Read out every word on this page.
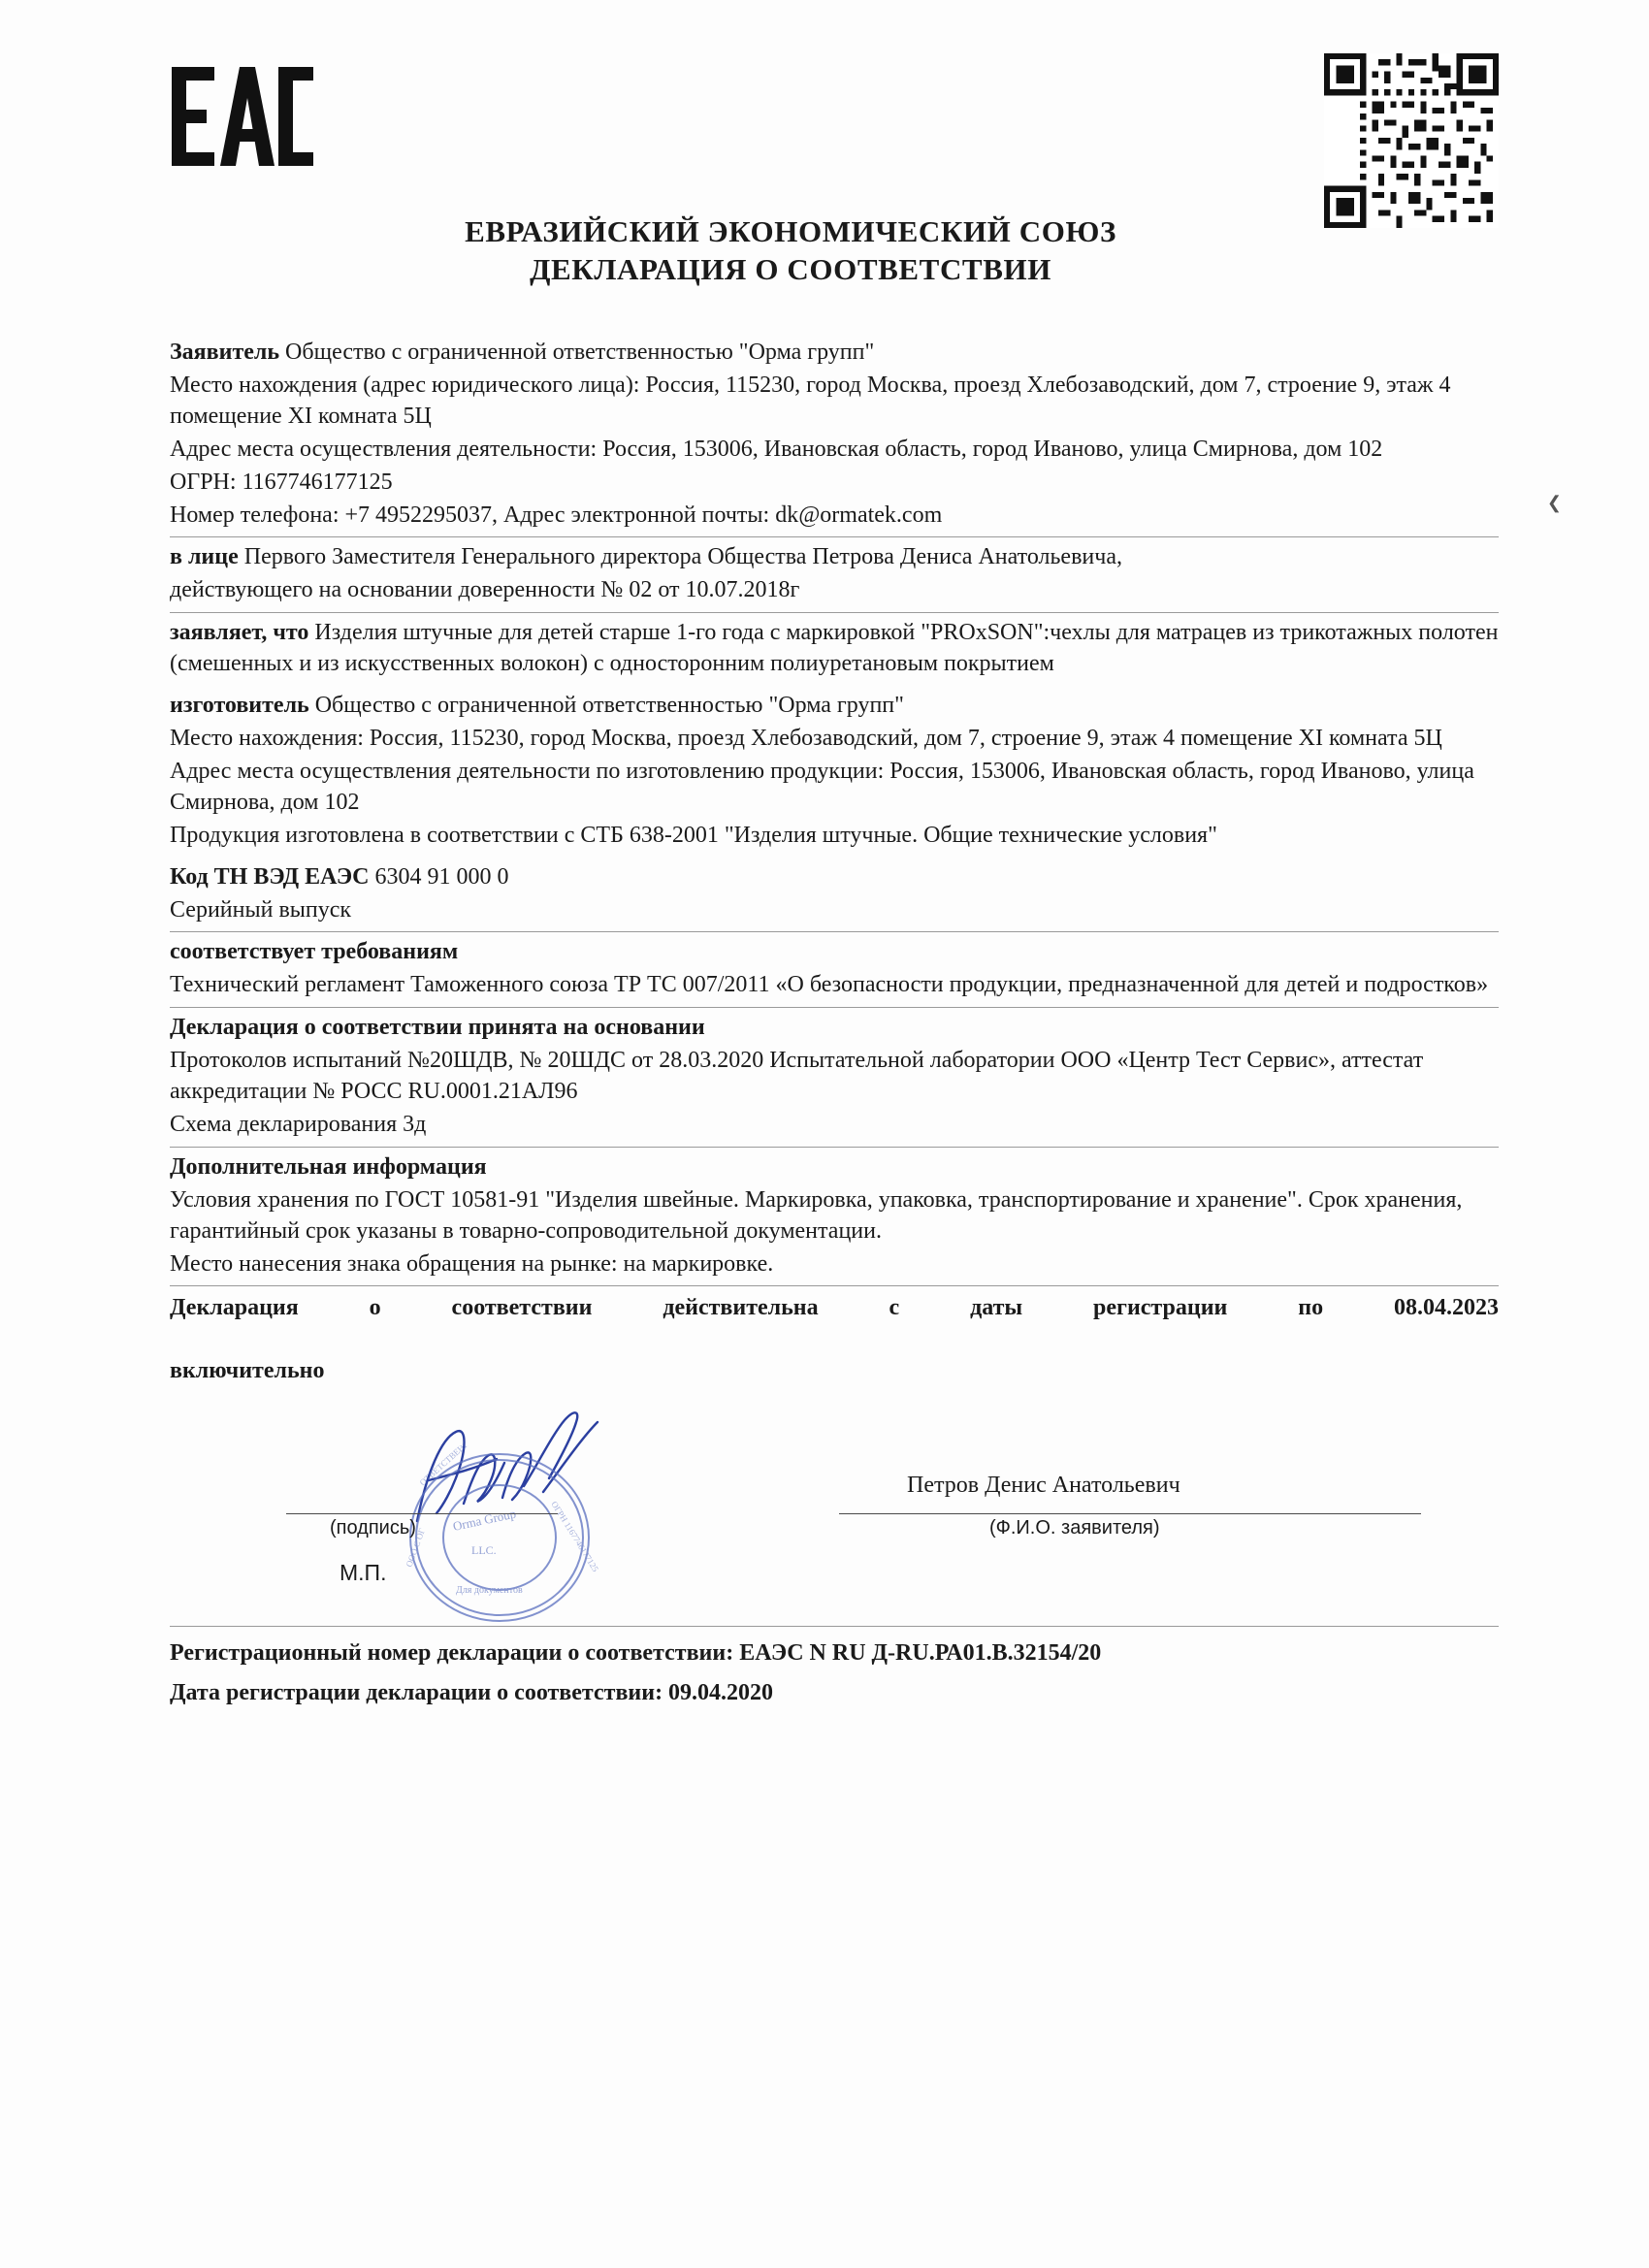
ЕВРАЗИЙСКИЙ ЭКОНОМИЧЕСКИЙ СОЮЗ
ДЕКЛАРАЦИЯ О СООТВЕТСТВИИ

Заявитель Общество с ограниченной ответственностью "Орма групп"

Место нахождения (адрес юридического лица): Россия, 115230, город Москва, проезд Хлебозаводский, дом 7, строение 9, этаж 4 помещение XI комната 5Ц

Адрес места осуществления деятельности: Россия, 153006, Ивановская область, город Иваново, улица Смирнова, дом 102

ОГРН: 1167746177125

Номер телефона: +7 4952295037, Адрес электронной почты: dk@ormatek.com

в лице Первого Заместителя Генерального директора Общества Петрова Дениса Анатольевича,

действующего на основании доверенности № 02 от 10.07.2018г

заявляет, что Изделия штучные для детей старше 1-го года с маркировкой "PROxSON":чехлы для матрацев из трикотажных полотен (смешенных и из искусственных волокон) с односторонним полиуретановым покрытием

изготовитель Общество с ограниченной ответственностью "Орма групп"

Место нахождения: Россия, 115230, город Москва, проезд Хлебозаводский, дом 7, строение 9, этаж 4 помещение XI комната 5Ц

Адрес места осуществления деятельности по изготовлению продукции: Россия, 153006, Ивановская область, город Иваново, улица Смирнова, дом 102

Продукция изготовлена в соответствии с СТБ 638-2001 "Изделия штучные. Общие технические условия"

Код ТН ВЭД ЕАЭС 6304 91 000 0

Серийный выпуск

соответствует требованиям

Технический регламент Таможенного союза ТР ТС 007/2011 «О безопасности продукции, предназначенной для детей и подростков»

Декларация о соответствии принята на основании

Протоколов испытаний №20ШДВ, № 20ШДС от 28.03.2020 Испытательной лаборатории ООО «Центр Тест Сервис», аттестат аккредитации № РОСС RU.0001.21АЛ96

Схема декларирования 3д

Дополнительная информация

Условия хранения по ГОСТ 10581-91 "Изделия швейные. Маркировка, упаковка, транспортирование и хранение". Срок хранения, гарантийный срок указаны в товарно-сопроводительной документации.

Место нанесения знака обращения на рынке: на маркировке.

Декларация о соответствии действительна с даты регистрации по	08.04.2023
включительно
Orma Group
LLC.
Для документов
ОТВЕТСТВЕННОСТЬЮ
ОГРН 1167746177125
ООО С ОГ
(подпись)
М.П.
Петров Денис Анатольевич
(Ф.И.О. заявителя)

Регистрационный номер декларации о соответствии: ЕАЭС N RU Д-RU.РА01.В.32154/20

Дата регистрации декларации о соответствии: 09.04.2020

❮
